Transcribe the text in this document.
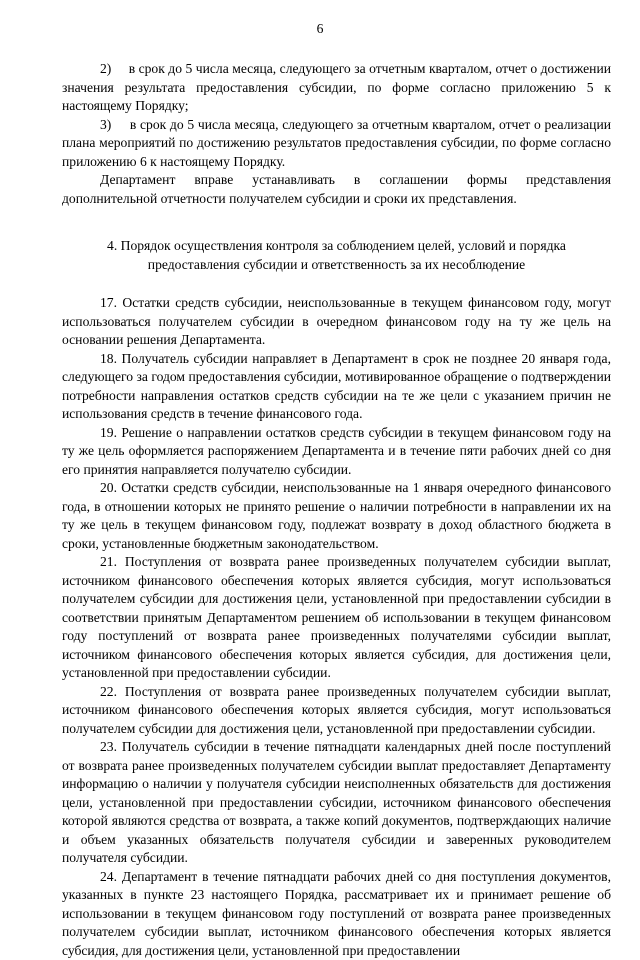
6

2)     в срок до 5 числа месяца, следующего за отчетным кварталом, отчет о достижении значения результата предоставления субсидии, по форме согласно приложению 5 к настоящему Порядку;

3)     в срок до 5 числа месяца, следующего за отчетным кварталом, отчет о реализации плана мероприятий по достижению результатов предоставления субсидии, по форме согласно приложению 6 к настоящему Порядку.

Департамент вправе устанавливать в соглашении формы представления дополнительной отчетности получателем субсидии и сроки их представления.

4. Порядок осуществления контроля за соблюдением целей, условий и порядка предоставления субсидии и ответственность за их несоблюдение

17. Остатки средств субсидии, неиспользованные в текущем финансовом году, могут использоваться получателем субсидии в очередном финансовом году на ту же цель на основании решения Департамента.

18. Получатель субсидии направляет в Департамент в срок не позднее 20 января года, следующего за годом предоставления субсидии, мотивированное обращение о подтверждении потребности направления остатков средств субсидии на те же цели с указанием причин не использования средств в течение финансового года.

19. Решение о направлении остатков средств субсидии в текущем финансовом году на ту же цель оформляется распоряжением Департамента и в течение пяти рабочих дней со дня его принятия направляется получателю субсидии.

20. Остатки средств субсидии, неиспользованные на 1 января очередного финансового года, в отношении которых не принято решение о наличии потребности в направлении их на ту же цель в текущем финансовом году, подлежат возврату в доход областного бюджета в сроки, установленные бюджетным законодательством.

21. Поступления от возврата ранее произведенных получателем субсидии выплат, источником финансового обеспечения которых является субсидия, могут использоваться получателем субсидии для достижения цели, установленной при предоставлении субсидии в соответствии принятым Департаментом решением об использовании в текущем финансовом году поступлений от возврата ранее произведенных получателями субсидии выплат, источником финансового обеспечения которых является субсидия, для достижения цели, установленной при предоставлении субсидии.

22. Поступления от возврата ранее произведенных получателем субсидии выплат, источником финансового обеспечения которых является субсидия, могут использоваться получателем субсидии для достижения цели, установленной при предоставлении субсидии.

23. Получатель субсидии в течение пятнадцати календарных дней после поступлений от возврата ранее произведенных получателем субсидии выплат предоставляет Департаменту информацию о наличии у получателя субсидии неисполненных обязательств для достижения цели, установленной при предоставлении субсидии, источником финансового обеспечения которой являются средства от возврата, а также копий документов, подтверждающих наличие и объем указанных обязательств получателя субсидии и заверенных руководителем получателя субсидии.

24. Департамент в течение пятнадцати рабочих дней со дня поступления документов, указанных в пункте 23 настоящего Порядка, рассматривает их и принимает решение об использовании в текущем финансовом году поступлений от возврата ранее произведенных получателем субсидии выплат, источником финансового обеспечения которых является субсидия, для достижения цели, установленной при предоставлении
